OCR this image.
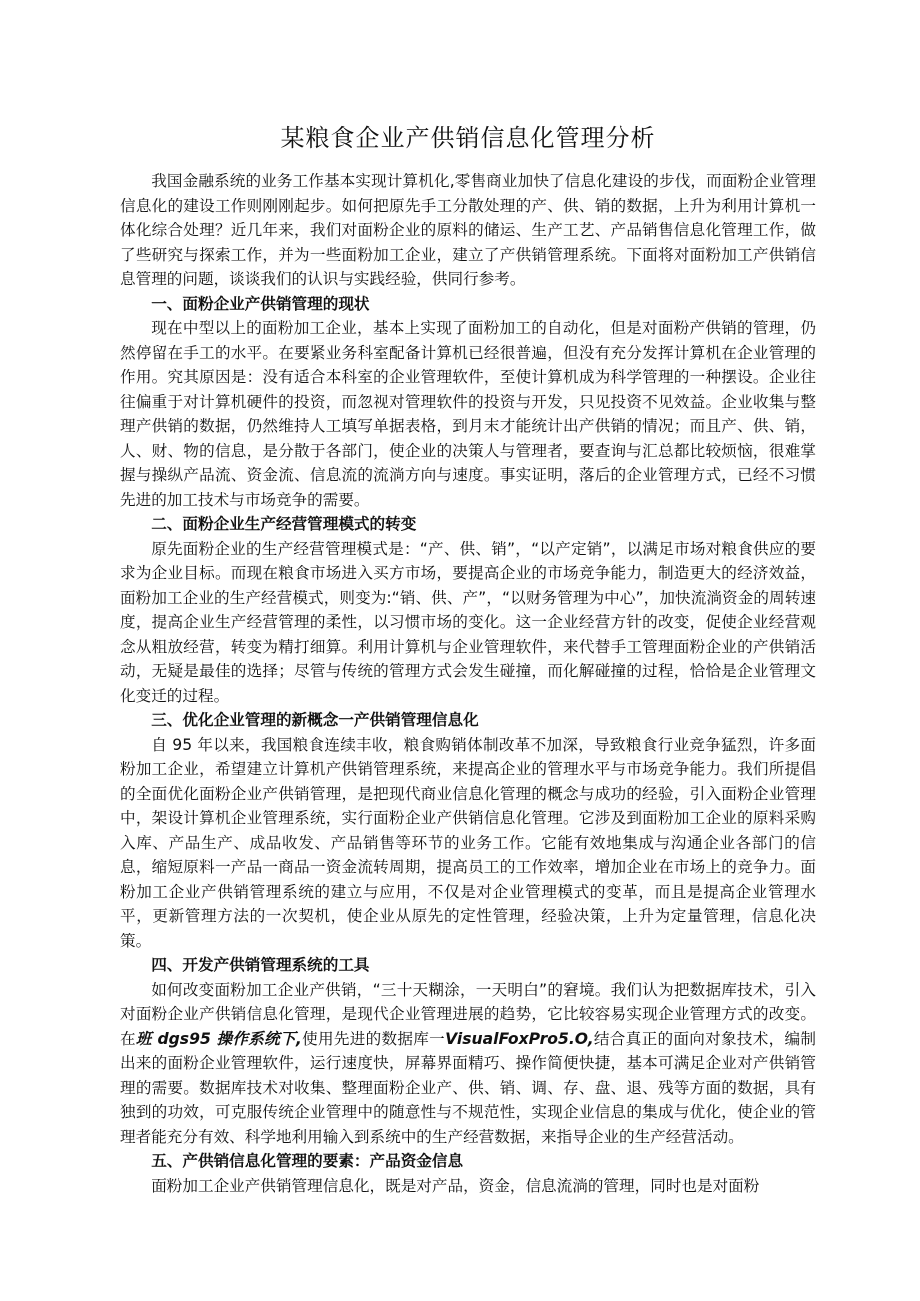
某粮食企业产供销信息化管理分析

我国金融系统的业务工作基本实现计算机化,零售商业加快了信息化建设的步伐，而面粉企业管理信息化的建设工作则刚刚起步。如何把原先手工分散处理的产、供、销的数据，上升为利用计算机一体化综合处理？近几年来，我们对面粉企业的原料的储运、生产工艺、产品销售信息化管理工作，做了些研究与探索工作，并为一些面粉加工企业，建立了产供销管理系统。下面将对面粉加工产供销信息管理的问题，谈谈我们的认识与实践经验，供同行参考。

一、面粉企业产供销管理的现状

现在中型以上的面粉加工企业，基本上实现了面粉加工的自动化，但是对面粉产供销的管理，仍然停留在手工的水平。在要紧业务科室配备计算机已经很普遍，但没有充分发挥计算机在企业管理的作用。究其原因是：没有适合本科室的企业管理软件，至使计算机成为科学管理的一种摆设。企业往往偏重于对计算机硬件的投资，而忽视对管理软件的投资与开发，只见投资不见效益。企业收集与整理产供销的数据，仍然维持人工填写单据表格，到月末才能统计出产供销的情况；而且产、供、销，人、财、物的信息，是分散于各部门，使企业的决策人与管理者，要查询与汇总都比较烦恼，很难掌握与操纵产品流、资金流、信息流的流淌方向与速度。事实证明，落后的企业管理方式，已经不习惯先进的加工技术与市场竞争的需要。

二、面粉企业生产经营管理模式的转变

原先面粉企业的生产经营管理模式是：“产、供、销”，“以产定销”，以满足市场对粮食供应的要求为企业目标。而现在粮食市场进入买方市场，要提高企业的市场竞争能力，制造更大的经济效益，面粉加工企业的生产经营模式，则变为:“销、供、产”，“以财务管理为中心”，加快流淌资金的周转速度，提高企业生产经营管理的柔性，以习惯市场的变化。这一企业经营方针的改变，促使企业经营观念从粗放经营，转变为精打细算。利用计算机与企业管理软件，来代替手工管理面粉企业的产供销活动，无疑是最佳的选择；尽管与传统的管理方式会发生碰撞，而化解碰撞的过程，恰恰是企业管理文化变迁的过程。

三、优化企业管理的新概念一产供销管理信息化

自 95 年以来，我国粮食连续丰收，粮食购销体制改革不加深，导致粮食行业竞争猛烈，许多面粉加工企业，希望建立计算机产供销管理系统，来提高企业的管理水平与市场竞争能力。我们所提倡的全面优化面粉企业产供销管理，是把现代商业信息化管理的概念与成功的经验，引入面粉企业管理中，架设计算机企业管理系统，实行面粉企业产供销信息化管理。它涉及到面粉加工企业的原料采购入库、产品生产、成品收发、产品销售等环节的业务工作。它能有效地集成与沟通企业各部门的信息，缩短原料一产品一商品一资金流转周期，提高员工的工作效率，增加企业在市场上的竞争力。面粉加工企业产供销管理系统的建立与应用，不仅是对企业管理模式的变革，而且是提高企业管理水平，更新管理方法的一次契机，使企业从原先的定性管理，经验决策，上升为定量管理，信息化决策。

四、开发产供销管理系统的工具

如何改变面粉加工企业产供销，“三十天糊涂，一天明白”的窘境。我们认为把数据库技术，引入对面粉企业产供销信息化管理，是现代企业管理进展的趋势，它比较容易实现企业管理方式的改变。在班 dgs95 操作系统下,使用先进的数据库一VisualFoxPro5.O,结合真正的面向对象技术，编制出来的面粉企业管理软件，运行速度快，屏幕界面精巧、操作简便快捷，基本可满足企业对产供销管理的需要。数据库技术对收集、整理面粉企业产、供、销、调、存、盘、退、残等方面的数据，具有独到的功效，可克服传统企业管理中的随意性与不规范性，实现企业信息的集成与优化，使企业的管理者能充分有效、科学地利用输入到系统中的生产经营数据，来指导企业的生产经营活动。

五、产供销信息化管理的要素：产品资金信息

面粉加工企业产供销管理信息化，既是对产品，资金，信息流淌的管理，同时也是对面粉
